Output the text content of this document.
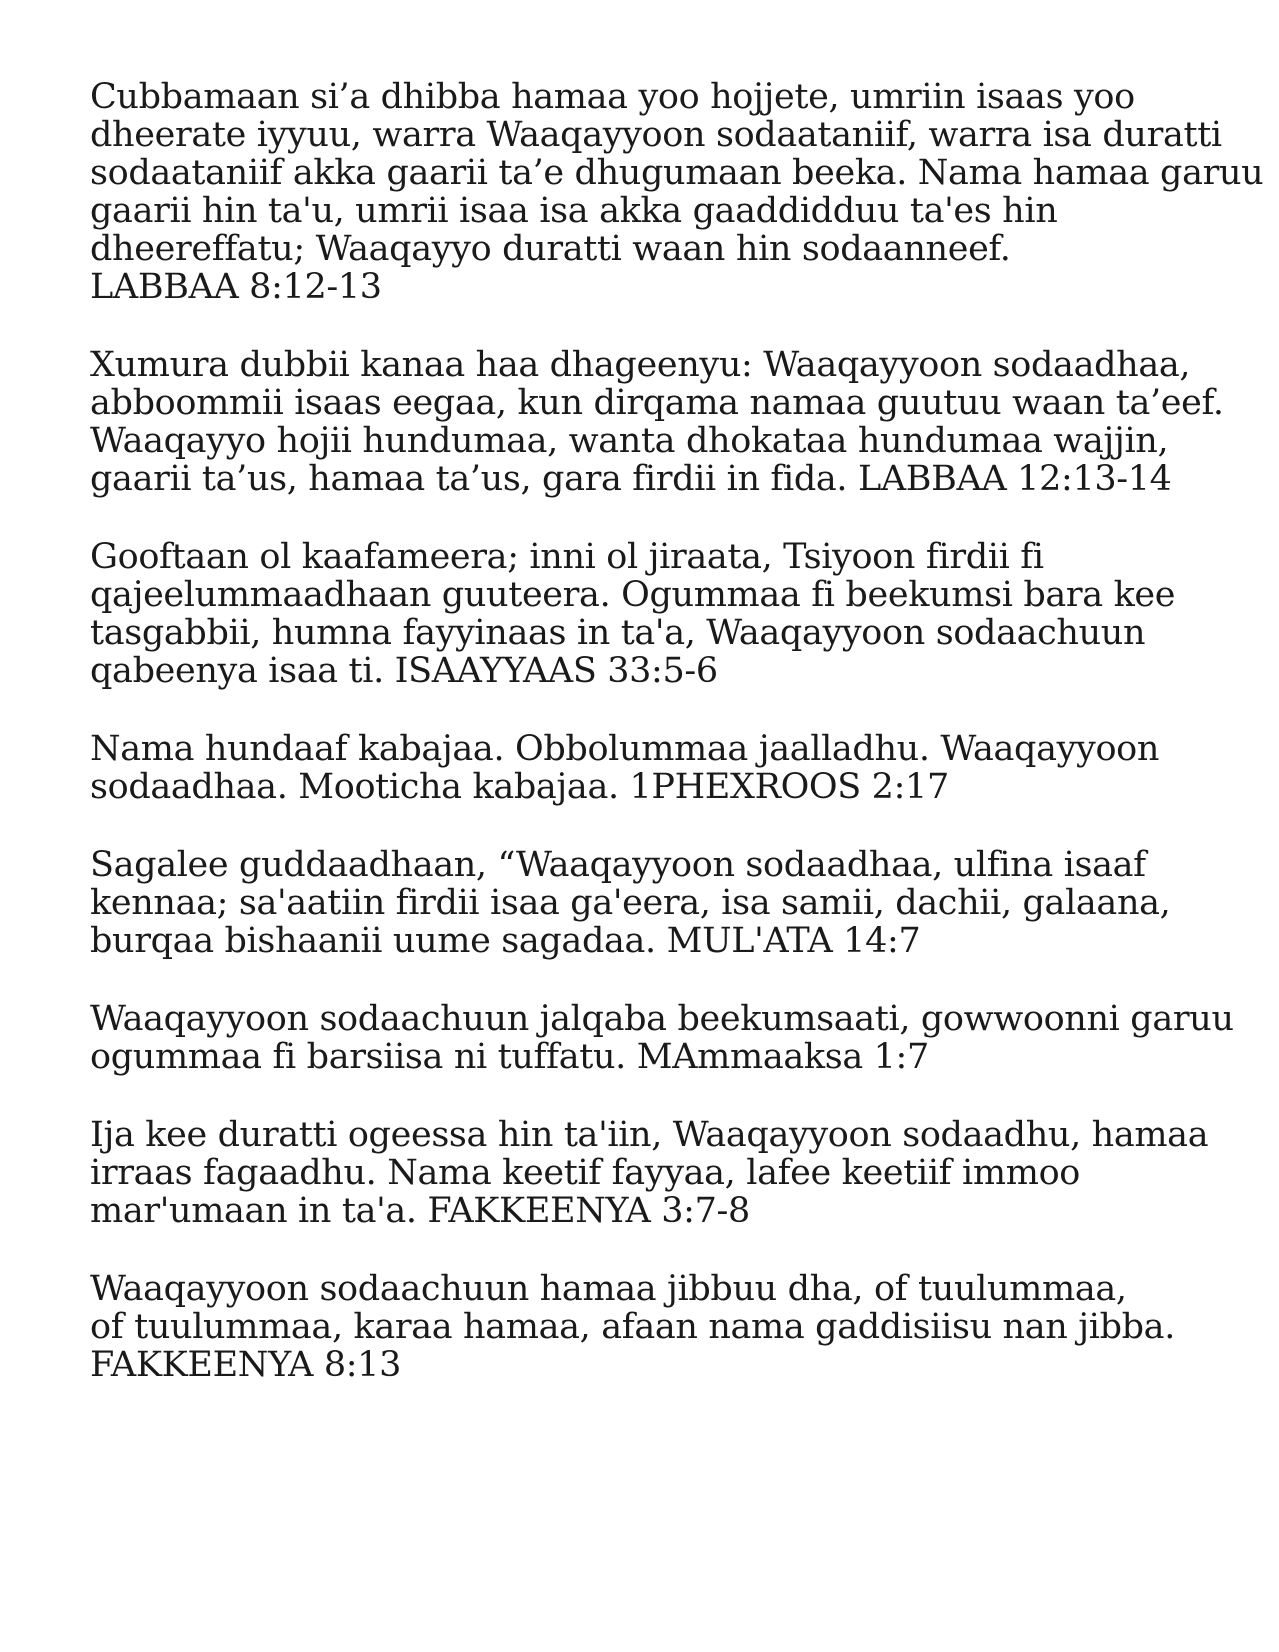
Cubbamaan si’a dhibba hamaa yoo hojjete, umriin isaas yoo
dheerate iyyuu, warra Waaqayyoon sodaataniif, warra isa duratti
sodaataniif akka gaarii ta’e dhugumaan beeka. Nama hamaa garuu
gaarii hin ta'u, umrii isaa isa akka gaaddidduu ta'es hin
dheereffatu; Waaqayyo duratti waan hin sodaanneef.
LABBAA 8:12-13
Xumura dubbii kanaa haa dhageenyu: Waaqayyoon sodaadhaa,
abboommii isaas eegaa, kun dirqama namaa guutuu waan ta’eef.
Waaqayyo hojii hundumaa, wanta dhokataa hundumaa wajjin,
gaarii ta’us, hamaa ta’us, gara firdii in fida. LABBAA 12:13-14
Gooftaan ol kaafameera; inni ol jiraata, Tsiyoon firdii fi
qajeelummaadhaan guuteera. Ogummaa fi beekumsi bara kee
tasgabbii, humna fayyinaas in ta'a, Waaqayyoon sodaachuun
qabeenya isaa ti. ISAAYYAAS 33:5-6
Nama hundaaf kabajaa. Obbolummaa jaalladhu. Waaqayyoon
sodaadhaa. Mooticha kabajaa. 1PHEXROOS 2:17
Sagalee guddaadhaan, “Waaqayyoon sodaadhaa, ulfina isaaf
kennaa; sa'aatiin firdii isaa ga'eera, isa samii, dachii, galaana,
burqaa bishaanii uume sagadaa. MUL'ATA 14:7
Waaqayyoon sodaachuun jalqaba beekumsaati, gowwoonni garuu
ogummaa fi barsiisa ni tuffatu. MAmmaaksa 1:7
Ija kee duratti ogeessa hin ta'iin, Waaqayyoon sodaadhu, hamaa
irraas fagaadhu. Nama keetif fayyaa, lafee keetiif immoo
mar'umaan in ta'a. FAKKEENYA 3:7-8
Waaqayyoon sodaachuun hamaa jibbuu dha, of tuulummaa,
of tuulummaa, karaa hamaa, afaan nama gaddisiisu nan jibba.
FAKKEENYA 8:13
